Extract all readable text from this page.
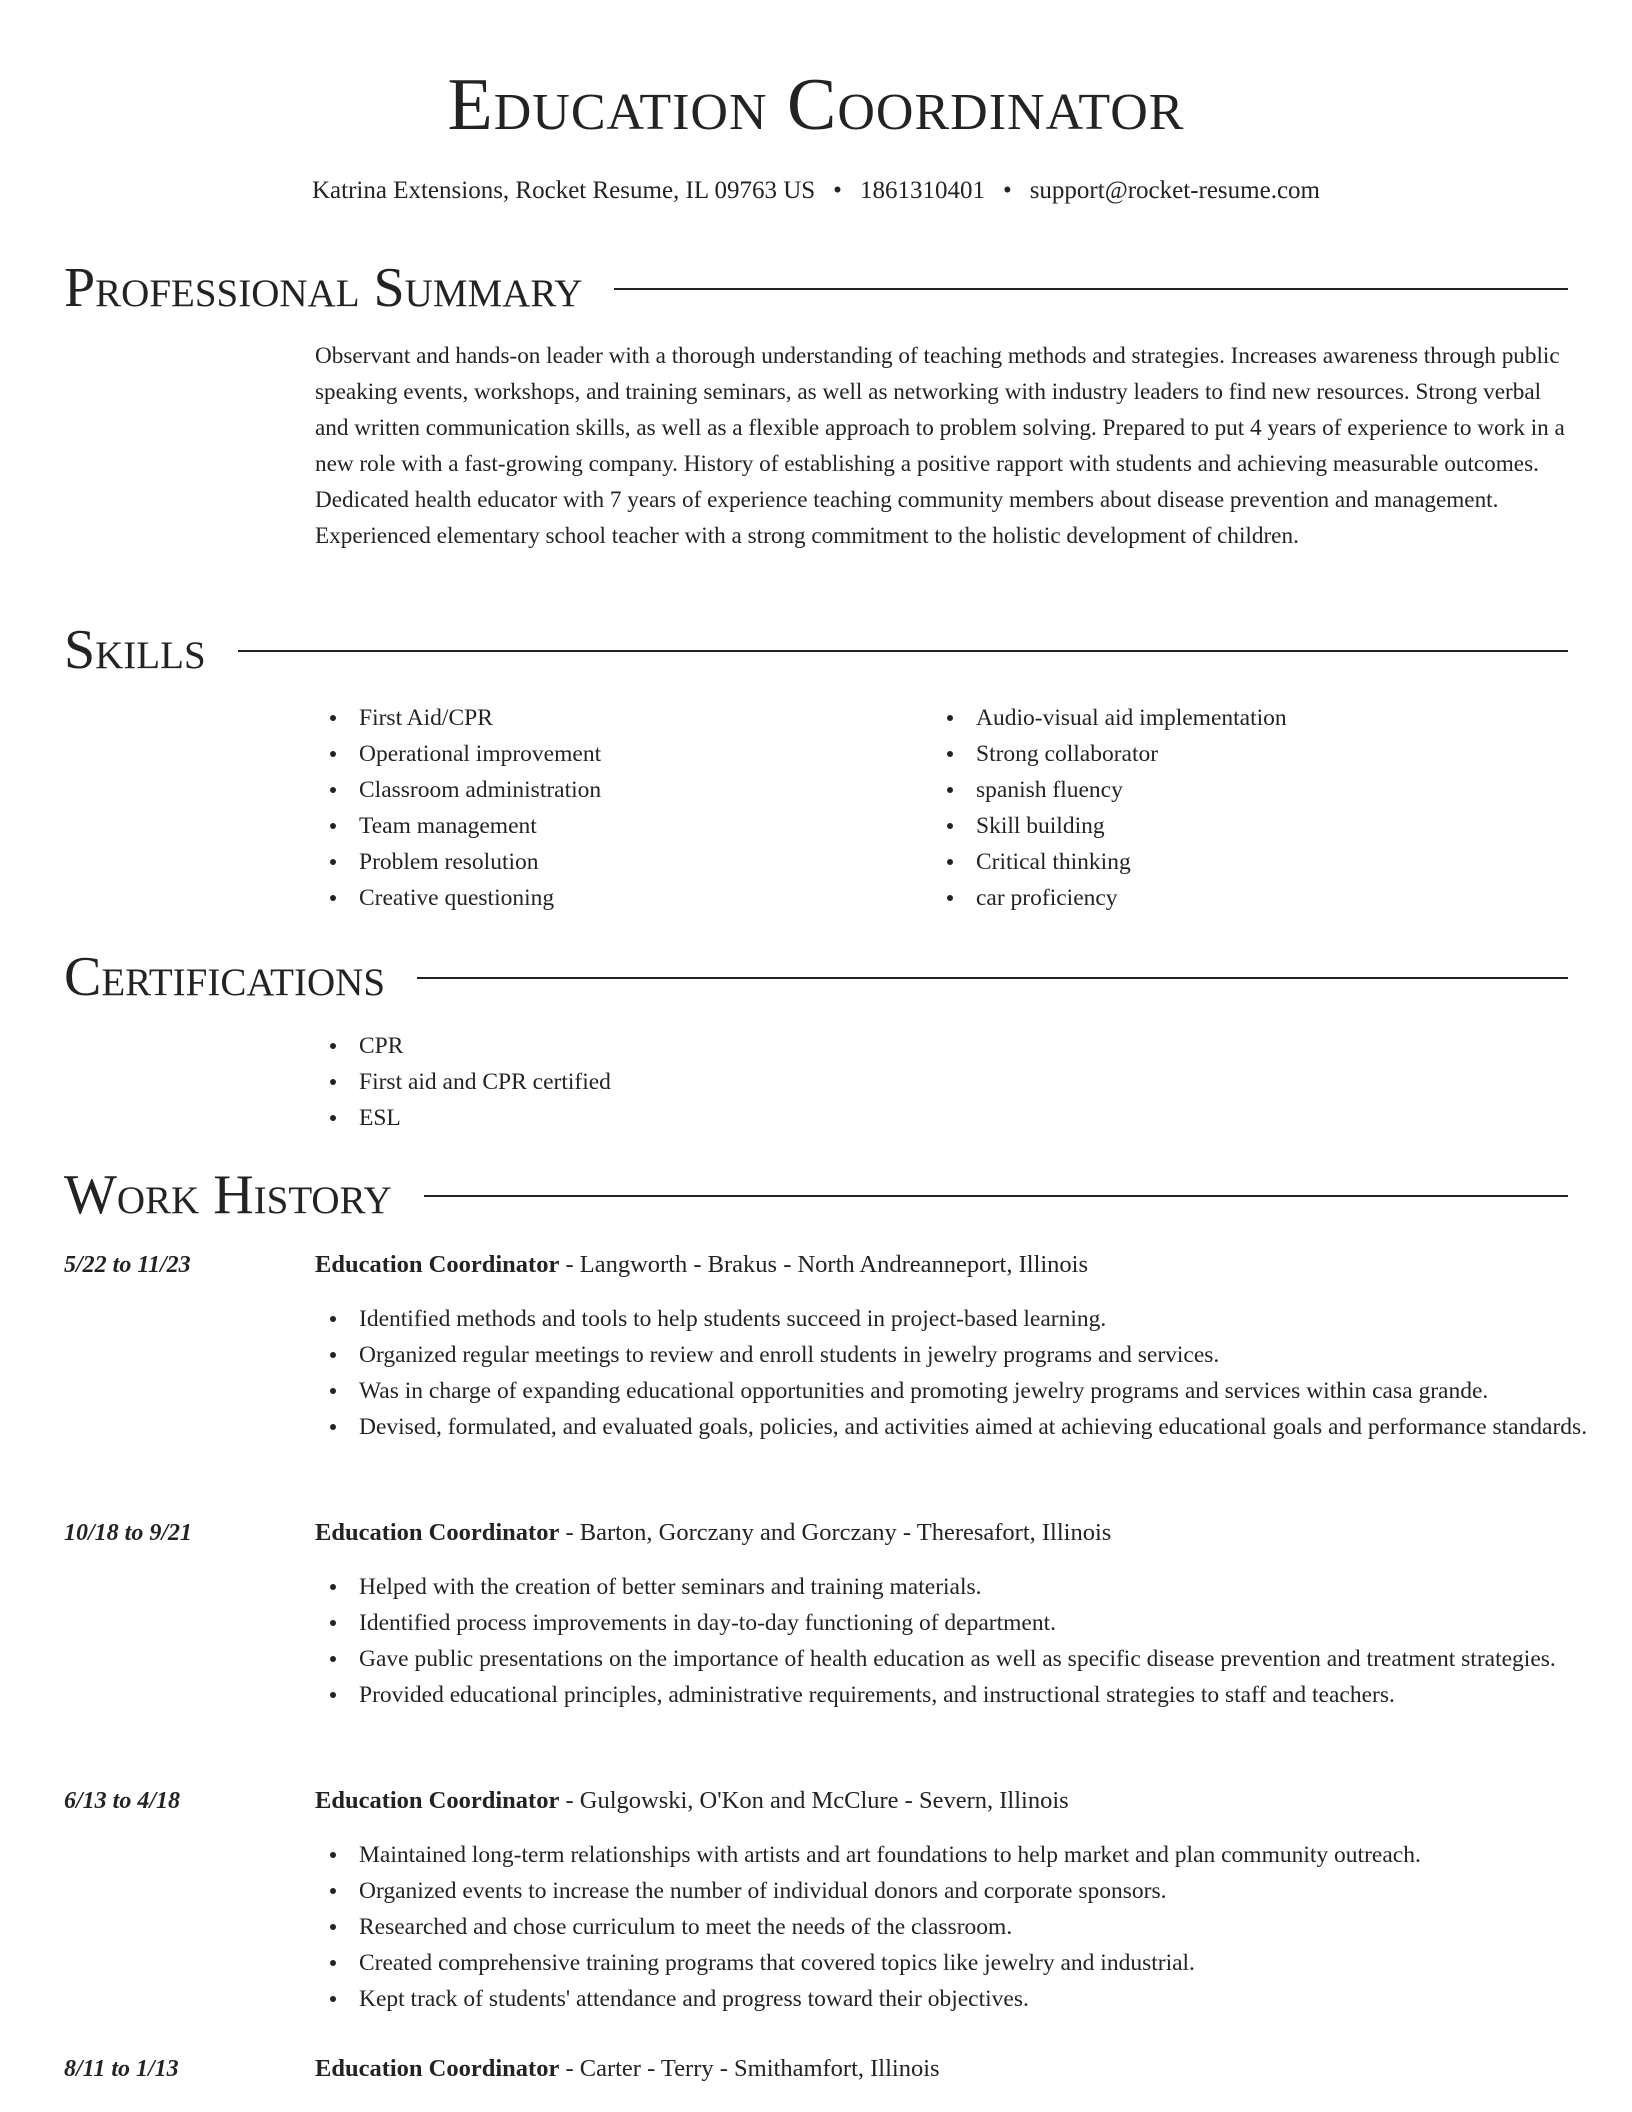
Education Coordinator
Katrina Extensions, Rocket Resume, IL 09763 US • 1861310401 • support@rocket-resume.com
Professional Summary

Observant and hands-on leader with a thorough understanding of teaching methods and strategies. Increases awareness through public speaking events, workshops, and training seminars, as well as networking with industry leaders to find new resources. Strong verbal and written communication skills, as well as a flexible approach to problem solving. Prepared to put 4 years of experience to work in a new role with a fast-growing company. History of establishing a positive rapport with students and achieving measurable outcomes. Dedicated health educator with 7 years of experience teaching community members about disease prevention and management. Experienced elementary school teacher with a strong commitment to the holistic development of children.

Skills
First Aid/CPR
Operational improvement
Classroom administration
Team management
Problem resolution
Creative questioning
Audio-visual aid implementation
Strong collaborator
spanish fluency
Skill building
Critical thinking
car proficiency
Certifications
CPR
First aid and CPR certified
ESL
Work History
5/22 to 11/23	Education Coordinator - Langworth - Brakus - North Andreanneport, Illinois
Identified methods and tools to help students succeed in project-based learning.
Organized regular meetings to review and enroll students in jewelry programs and services.
Was in charge of expanding educational opportunities and promoting jewelry programs and services within casa grande.
Devised, formulated, and evaluated goals, policies, and activities aimed at achieving educational goals and performance standards.
10/18 to 9/21	Education Coordinator - Barton, Gorczany and Gorczany - Theresafort, Illinois
Helped with the creation of better seminars and training materials.
Identified process improvements in day-to-day functioning of department.
Gave public presentations on the importance of health education as well as specific disease prevention and treatment strategies.
Provided educational principles, administrative requirements, and instructional strategies to staff and teachers.
6/13 to 4/18	Education Coordinator - Gulgowski, O'Kon and McClure - Severn, Illinois
Maintained long-term relationships with artists and art foundations to help market and plan community outreach.
Organized events to increase the number of individual donors and corporate sponsors.
Researched and chose curriculum to meet the needs of the classroom.
Created comprehensive training programs that covered topics like jewelry and industrial.
Kept track of students' attendance and progress toward their objectives.
8/11 to 1/13	Education Coordinator - Carter - Terry - Smithamfort, Illinois
